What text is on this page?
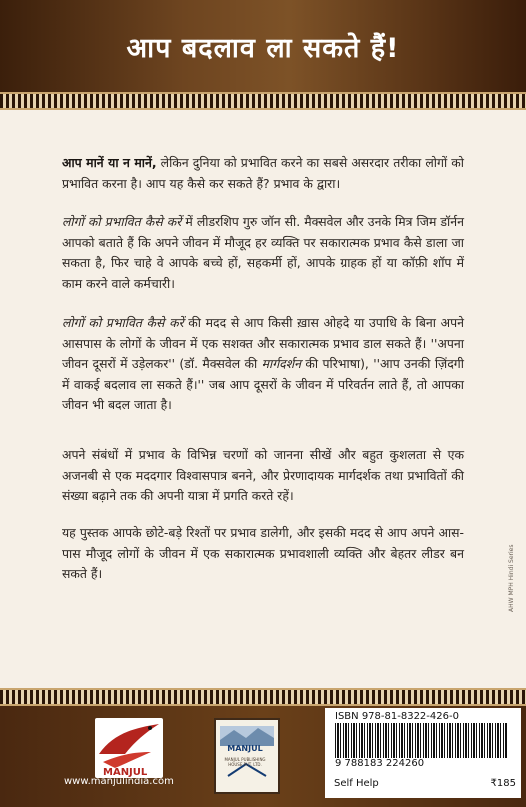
आप बदलाव ला सकते हैं!
आप मानें या न मानें, लेकिन दुनिया को प्रभावित करने का सबसे असरदार तरीका लोगों को प्रभावित करना है। आप यह कैसे कर सकते हैं? प्रभाव के द्वारा।
लोगों को प्रभावित कैसे करें में लीडरशिप गुरु जॉन सी. मैक्सवेल और उनके मित्र जिम डॉर्नन आपको बताते हैं कि अपने जीवन में मौजूद हर व्यक्ति पर सकारात्मक प्रभाव कैसे डाला जा सकता है, फिर चाहे वे आपके बच्चे हों, सहकर्मी हों, आपके ग्राहक हों या कॉफ़ी शॉप में काम करने वाले कर्मचारी।
लोगों को प्रभावित कैसे करें की मदद से आप किसी ख़ास ओहदे या उपाधि के बिना अपने आसपास के लोगों के जीवन में एक सशक्त और सकारात्मक प्रभाव डाल सकते हैं। ''अपना जीवन दूसरों में उड़ेलकर'' (डॉ. मैक्सवेल की मार्गदर्शन की परिभाषा), ''आप उनकी ज़िंदगी में वाकई बदलाव ला सकते हैं।'' जब आप दूसरों के जीवन में परिवर्तन लाते हैं, तो आपका जीवन भी बदल जाता है।
अपने संबंधों में प्रभाव के विभिन्न चरणों को जानना सीखें और बहुत कुशलता से एक अजनबी से एक मददगार विश्वासपात्र बनने, और प्रेरणादायक मार्गदर्शक तथा प्रभावितों की संख्या बढ़ाने तक की अपनी यात्रा में प्रगति करते रहें।
यह पुस्तक आपके छोटे-बड़े रिश्तों पर प्रभाव डालेगी, और इसकी मदद से आप अपने आस-पास मौजूद लोगों के जीवन में एक सकारात्मक प्रभावशाली व्यक्ति और बेहतर लीडर बन सकते हैं।	AHW MPH Hindi Series
MANJUL
www.manjulindia.com
MANJUL
MANJUL PUBLISHING HOUSE PVT. LTD.
ISBN 978-81-8322-426-0
9 788183 224260
Self Help	₹185
